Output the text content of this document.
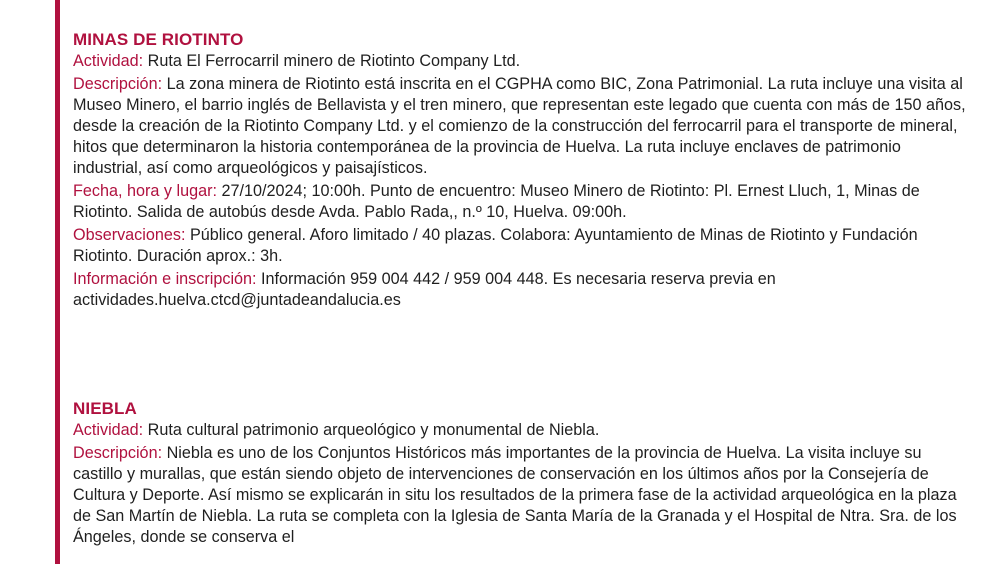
MINAS DE RIOTINTO

Actividad: Ruta El Ferrocarril minero de Riotinto Company Ltd.

Descripción: La zona minera de Riotinto está inscrita en el CGPHA como BIC, Zona Patrimonial. La ruta incluye una visita al Museo Minero, el barrio inglés de Bellavista y el tren minero, que representan este legado que cuenta con más de 150 años, desde la creación de la Riotinto Company Ltd. y el comienzo de la construcción del ferrocarril para el transporte de mineral, hitos que determinaron la historia contemporánea de la provincia de Huelva. La ruta incluye enclaves de patrimonio industrial, así como arqueológicos y paisajísticos.

Fecha, hora y lugar: 27/10/2024; 10:00h. Punto de encuentro: Museo Minero de Riotinto: Pl. Ernest Lluch, 1, Minas de Riotinto. Salida de autobús desde Avda. Pablo Rada,, n.º 10, Huelva. 09:00h.

Observaciones: Público general. Aforo limitado / 40 plazas. Colabora: Ayuntamiento de Minas de Riotinto y Fundación Riotinto. Duración aprox.: 3h.

Información e inscripción: Información 959 004 442 / 959 004 448. Es necesaria reserva previa en actividades.huelva.ctcd@juntadeandalucia.es

NIEBLA

Actividad: Ruta cultural patrimonio arqueológico y monumental de Niebla.

Descripción: Niebla es uno de los Conjuntos Históricos más importantes de la provincia de Huelva. La visita incluye su castillo y murallas, que están siendo objeto de intervenciones de conservación en los últimos años por la Consejería de Cultura y Deporte. Así mismo se explicarán in situ los resultados de la primera fase de la actividad arqueológica en la plaza de San Martín de Niebla. La ruta se completa con la Iglesia de Santa María de la Granada y el Hospital de Ntra. Sra. de los Ángeles, donde se conserva el
